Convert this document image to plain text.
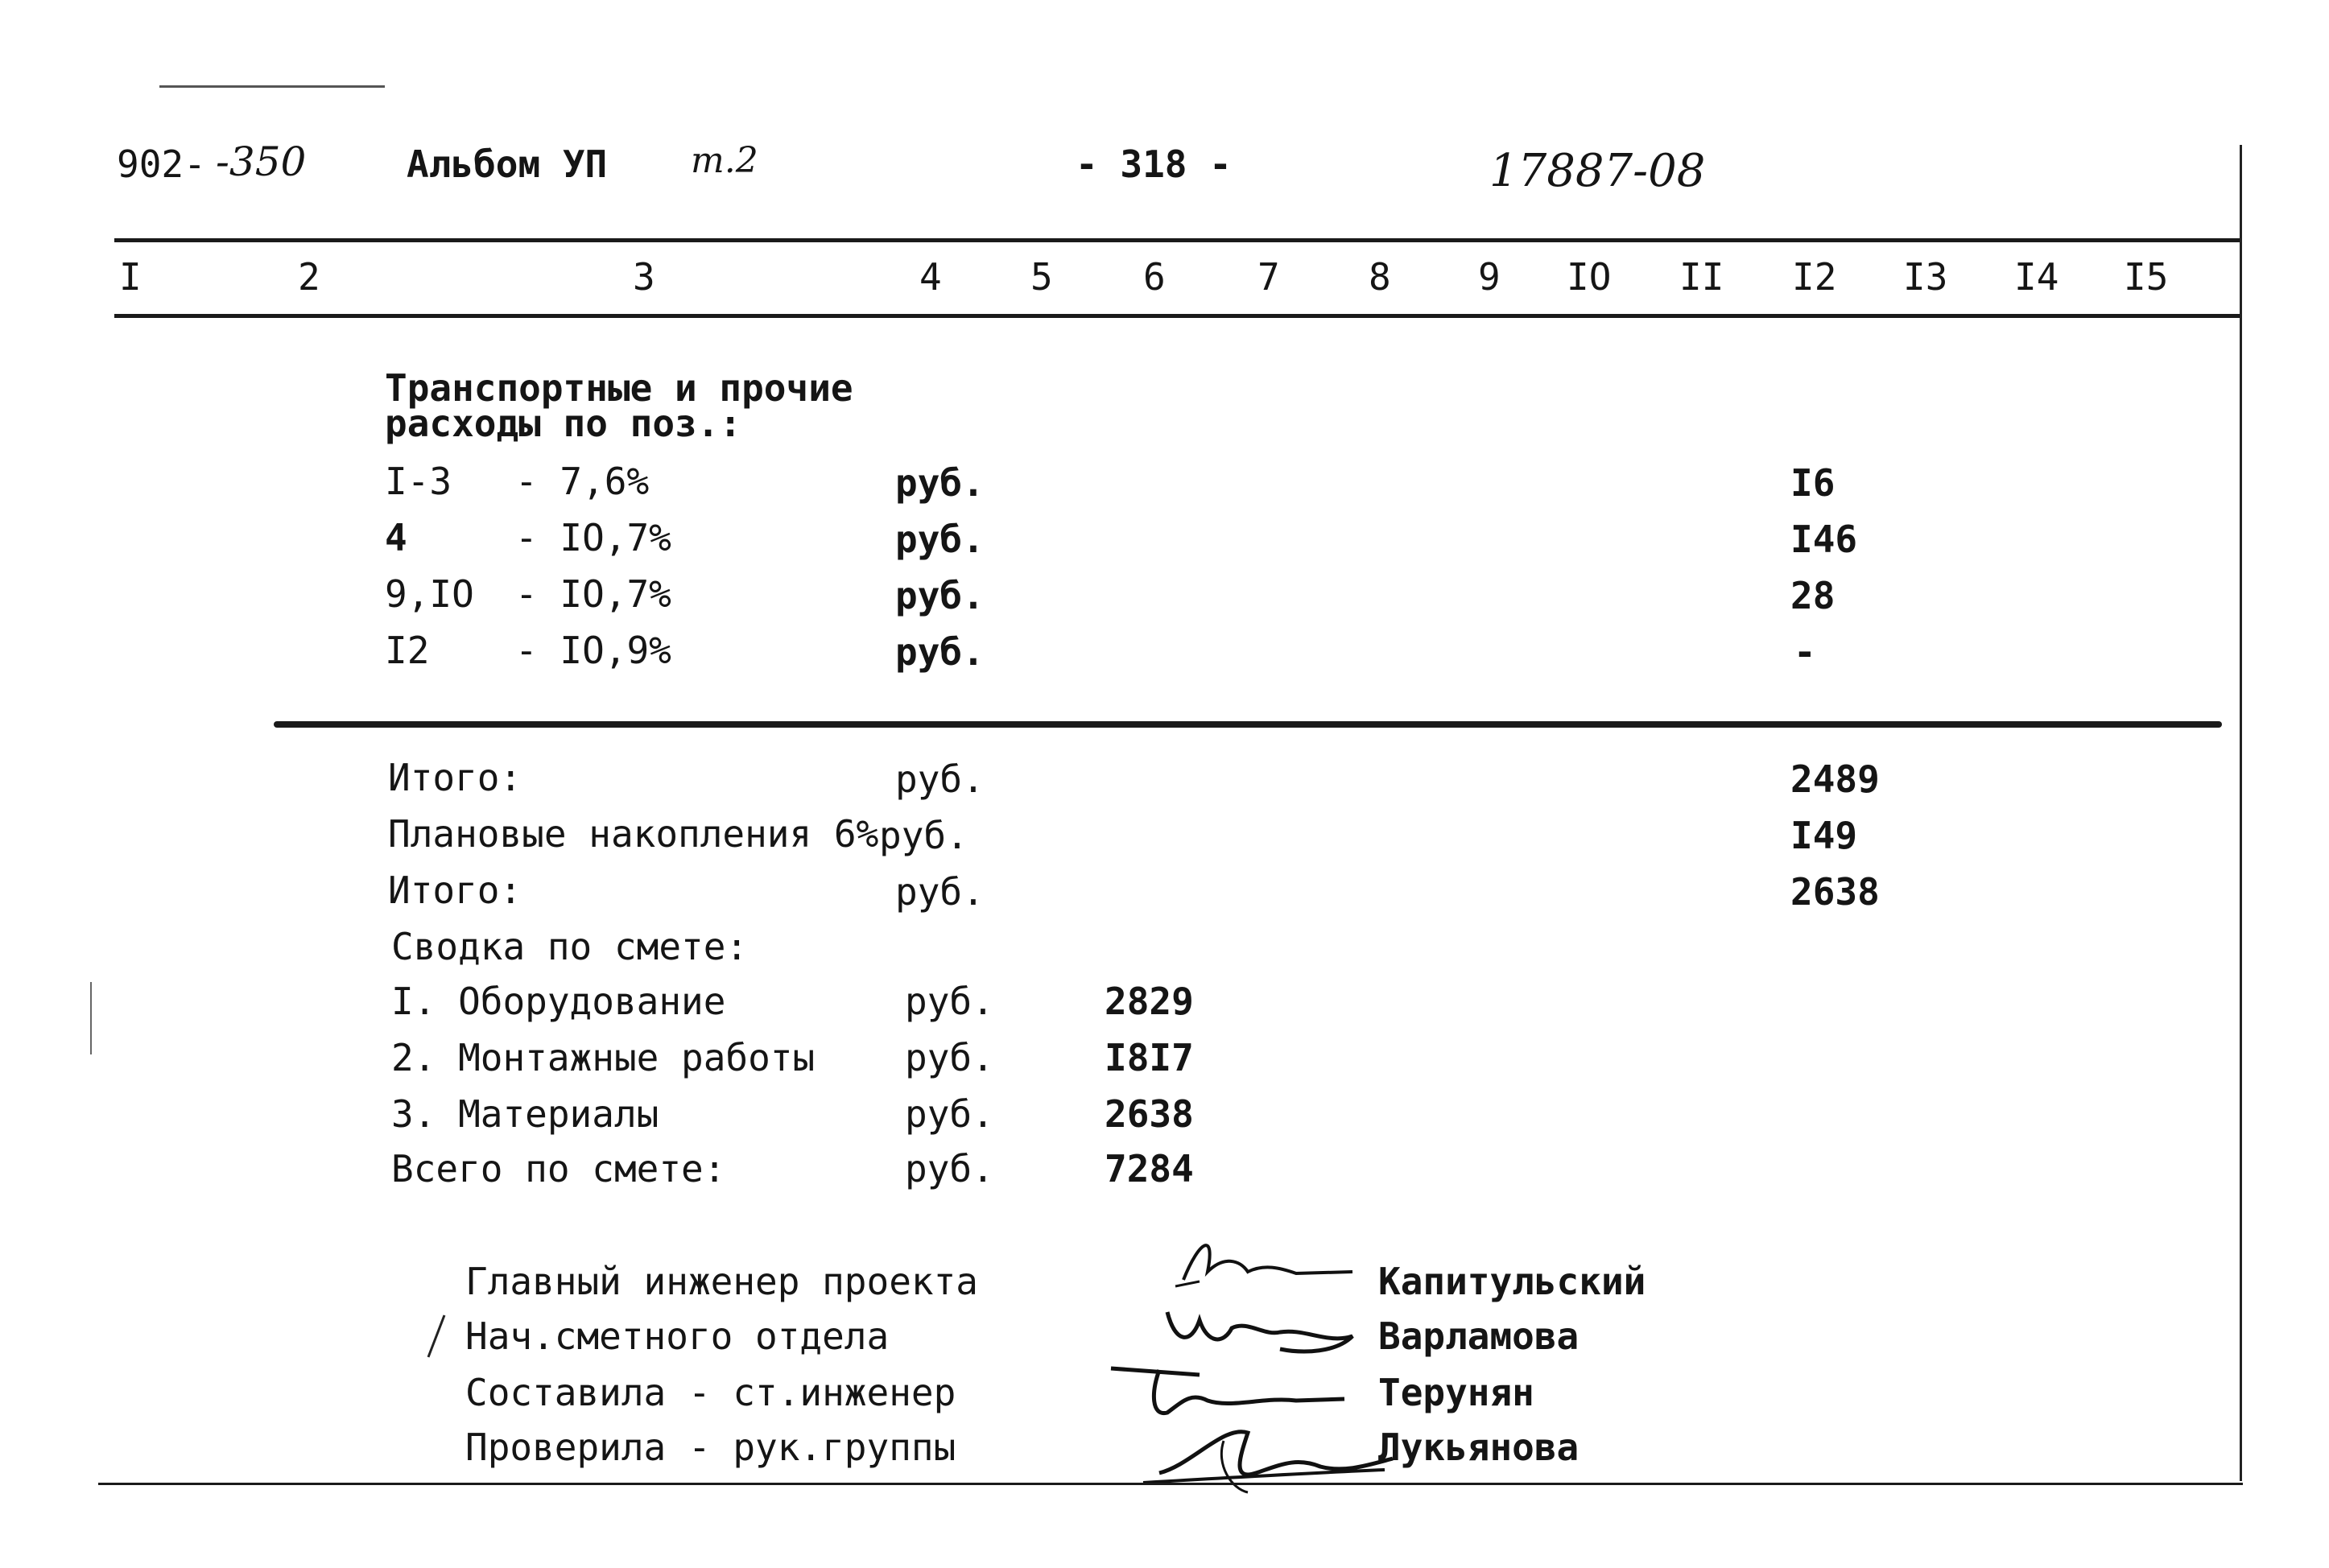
902- -350	Альбом УП т.2	- 318 -	17887-08
I	2	3	4 5 6 7 8 9 IO II I2 I3 I4 I5
Транспортные и прочие
расходы по поз.:
I-3 - 7,6%	руб.	I6
4	- IO,7%	руб.	I46
9,IO - IO,7%	руб.	28
I2 - IO,9%	руб.	-
Итого:	руб.	2489
Плановые накопления 6% руб.	I49
Итого:	руб.	2638
Сводка по смете:
I. Оборудование	руб.	2829
2. Монтажные работы руб.	I8I7
3. Материалы	руб.	2638
Всего по смете:	руб.	7284
Главный инженер проекта	Капитульский
Нач.сметного отдела	Варламова
Составила - ст.инженер	Терунян
Проверила - рук.группы	Лукьянова
